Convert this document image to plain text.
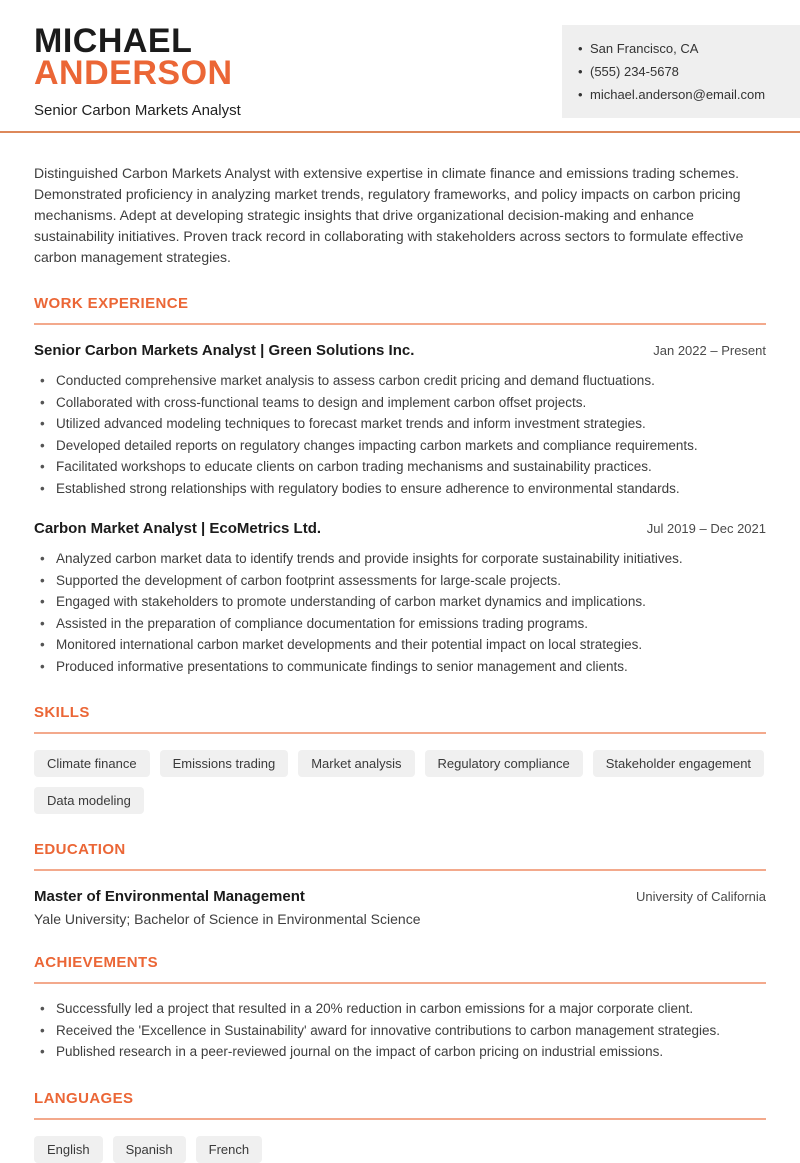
MICHAEL
ANDERSON
Senior Carbon Markets Analyst
• San Francisco, CA
• (555) 234-5678
• michael.anderson@email.com

Distinguished Carbon Markets Analyst with extensive expertise in climate finance and emissions trading schemes. Demonstrated proficiency in analyzing market trends, regulatory frameworks, and policy impacts on carbon pricing mechanisms. Adept at developing strategic insights that drive organizational decision-making and enhance sustainability initiatives. Proven track record in collaborating with stakeholders across sectors to formulate effective carbon management strategies.

WORK EXPERIENCE
Senior Carbon Markets Analyst | Green Solutions Inc.	Jan 2022 – Present
• Conducted comprehensive market analysis to assess carbon credit pricing and demand fluctuations.
• Collaborated with cross-functional teams to design and implement carbon offset projects.
• Utilized advanced modeling techniques to forecast market trends and inform investment strategies.
• Developed detailed reports on regulatory changes impacting carbon markets and compliance requirements.
• Facilitated workshops to educate clients on carbon trading mechanisms and sustainability practices.
• Established strong relationships with regulatory bodies to ensure adherence to environmental standards.
Carbon Market Analyst | EcoMetrics Ltd.	Jul 2019 – Dec 2021
• Analyzed carbon market data to identify trends and provide insights for corporate sustainability initiatives.
• Supported the development of carbon footprint assessments for large-scale projects.
• Engaged with stakeholders to promote understanding of carbon market dynamics and implications.
• Assisted in the preparation of compliance documentation for emissions trading programs.
• Monitored international carbon market developments and their potential impact on local strategies.
• Produced informative presentations to communicate findings to senior management and clients.
SKILLS
Climate finance	Emissions trading	Market analysis	Regulatory compliance	Stakeholder engagement
Data modeling
EDUCATION
Master of Environmental Management	University of California
Yale University; Bachelor of Science in Environmental Science
ACHIEVEMENTS
• Successfully led a project that resulted in a 20% reduction in carbon emissions for a major corporate client.
• Received the 'Excellence in Sustainability' award for innovative contributions to carbon management strategies.
• Published research in a peer-reviewed journal on the impact of carbon pricing on industrial emissions.
LANGUAGES
English	Spanish	French
